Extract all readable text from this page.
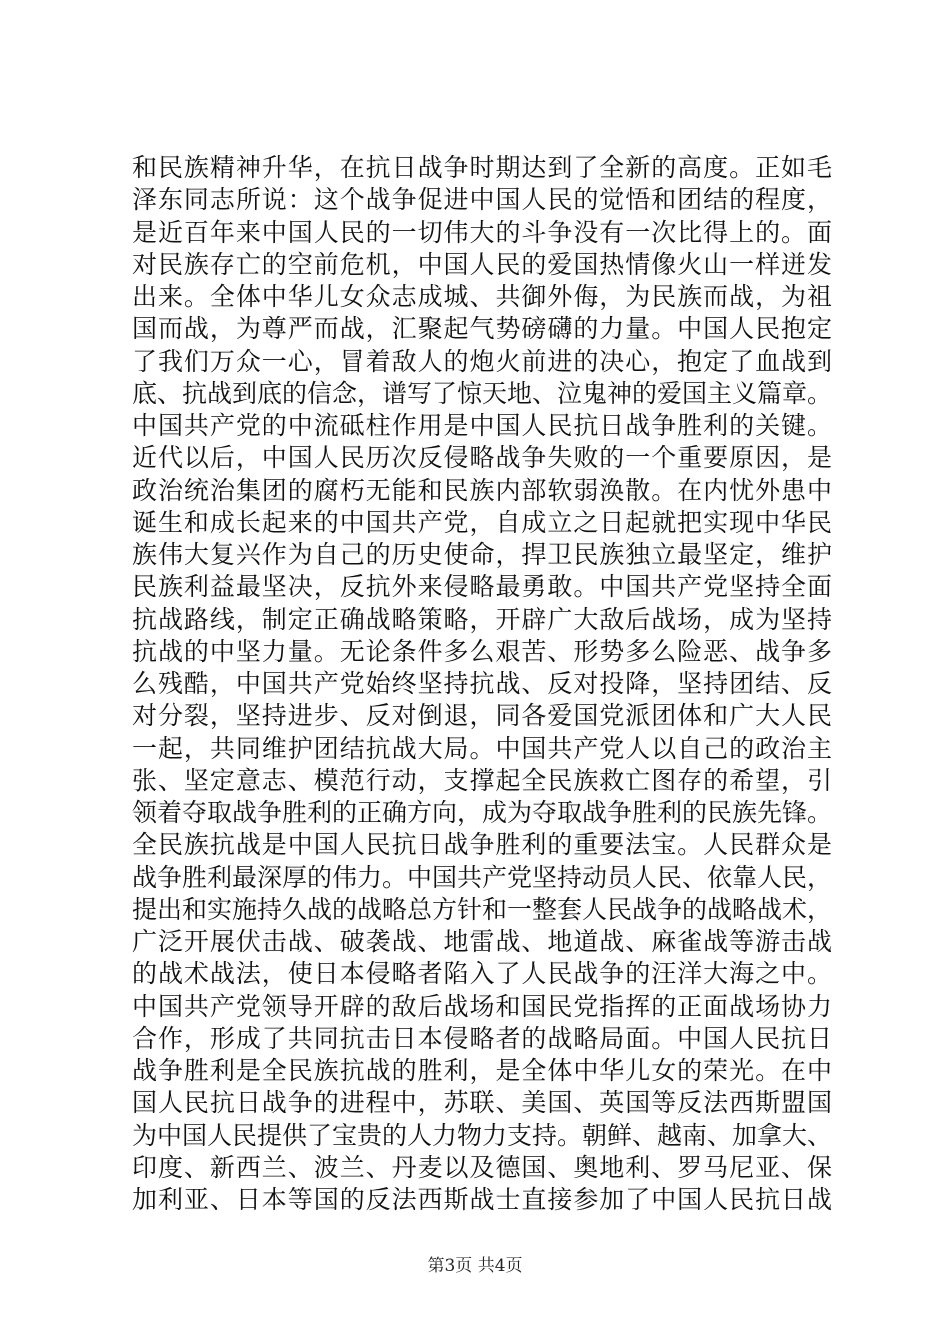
和民族精神升华，在抗日战争时期达到了全新的高度。正如毛
泽东同志所说：这个战争促进中国人民的觉悟和团结的程度，
是近百年来中国人民的一切伟大的斗争没有一次比得上的。面
对民族存亡的空前危机，中国人民的爱国热情像火山一样迸发
出来。全体中华儿女众志成城、共御外侮，为民族而战，为祖
国而战，为尊严而战，汇聚起气势磅礴的力量。中国人民抱定
了我们万众一心，冒着敌人的炮火前进的决心，抱定了血战到
底、抗战到底的信念，谱写了惊天地、泣鬼神的爱国主义篇章。
中国共产党的中流砥柱作用是中国人民抗日战争胜利的关键。
近代以后，中国人民历次反侵略战争失败的一个重要原因，是
政治统治集团的腐朽无能和民族内部软弱涣散。在内忧外患中
诞生和成长起来的中国共产党，自成立之日起就把实现中华民
族伟大复兴作为自己的历史使命，捍卫民族独立最坚定，维护
民族利益最坚决，反抗外来侵略最勇敢。中国共产党坚持全面
抗战路线，制定正确战略策略，开辟广大敌后战场，成为坚持
抗战的中坚力量。无论条件多么艰苦、形势多么险恶、战争多
么残酷，中国共产党始终坚持抗战、反对投降，坚持团结、反
对分裂，坚持进步、反对倒退，同各爱国党派团体和广大人民
一起，共同维护团结抗战大局。中国共产党人以自己的政治主
张、坚定意志、模范行动，支撑起全民族救亡图存的希望，引
领着夺取战争胜利的正确方向，成为夺取战争胜利的民族先锋。
全民族抗战是中国人民抗日战争胜利的重要法宝。人民群众是
战争胜利最深厚的伟力。中国共产党坚持动员人民、依靠人民，
提出和实施持久战的战略总方针和一整套人民战争的战略战术，
广泛开展伏击战、破袭战、地雷战、地道战、麻雀战等游击战
的战术战法，使日本侵略者陷入了人民战争的汪洋大海之中。
中国共产党领导开辟的敌后战场和国民党指挥的正面战场协力
合作，形成了共同抗击日本侵略者的战略局面。中国人民抗日
战争胜利是全民族抗战的胜利，是全体中华儿女的荣光。在中
国人民抗日战争的进程中，苏联、美国、英国等反法西斯盟国
为中国人民提供了宝贵的人力物力支持。朝鲜、越南、加拿大、
印度、新西兰、波兰、丹麦以及德国、奥地利、罗马尼亚、保
加利亚、日本等国的反法西斯战士直接参加了中国人民抗日战
第3页 共4页
